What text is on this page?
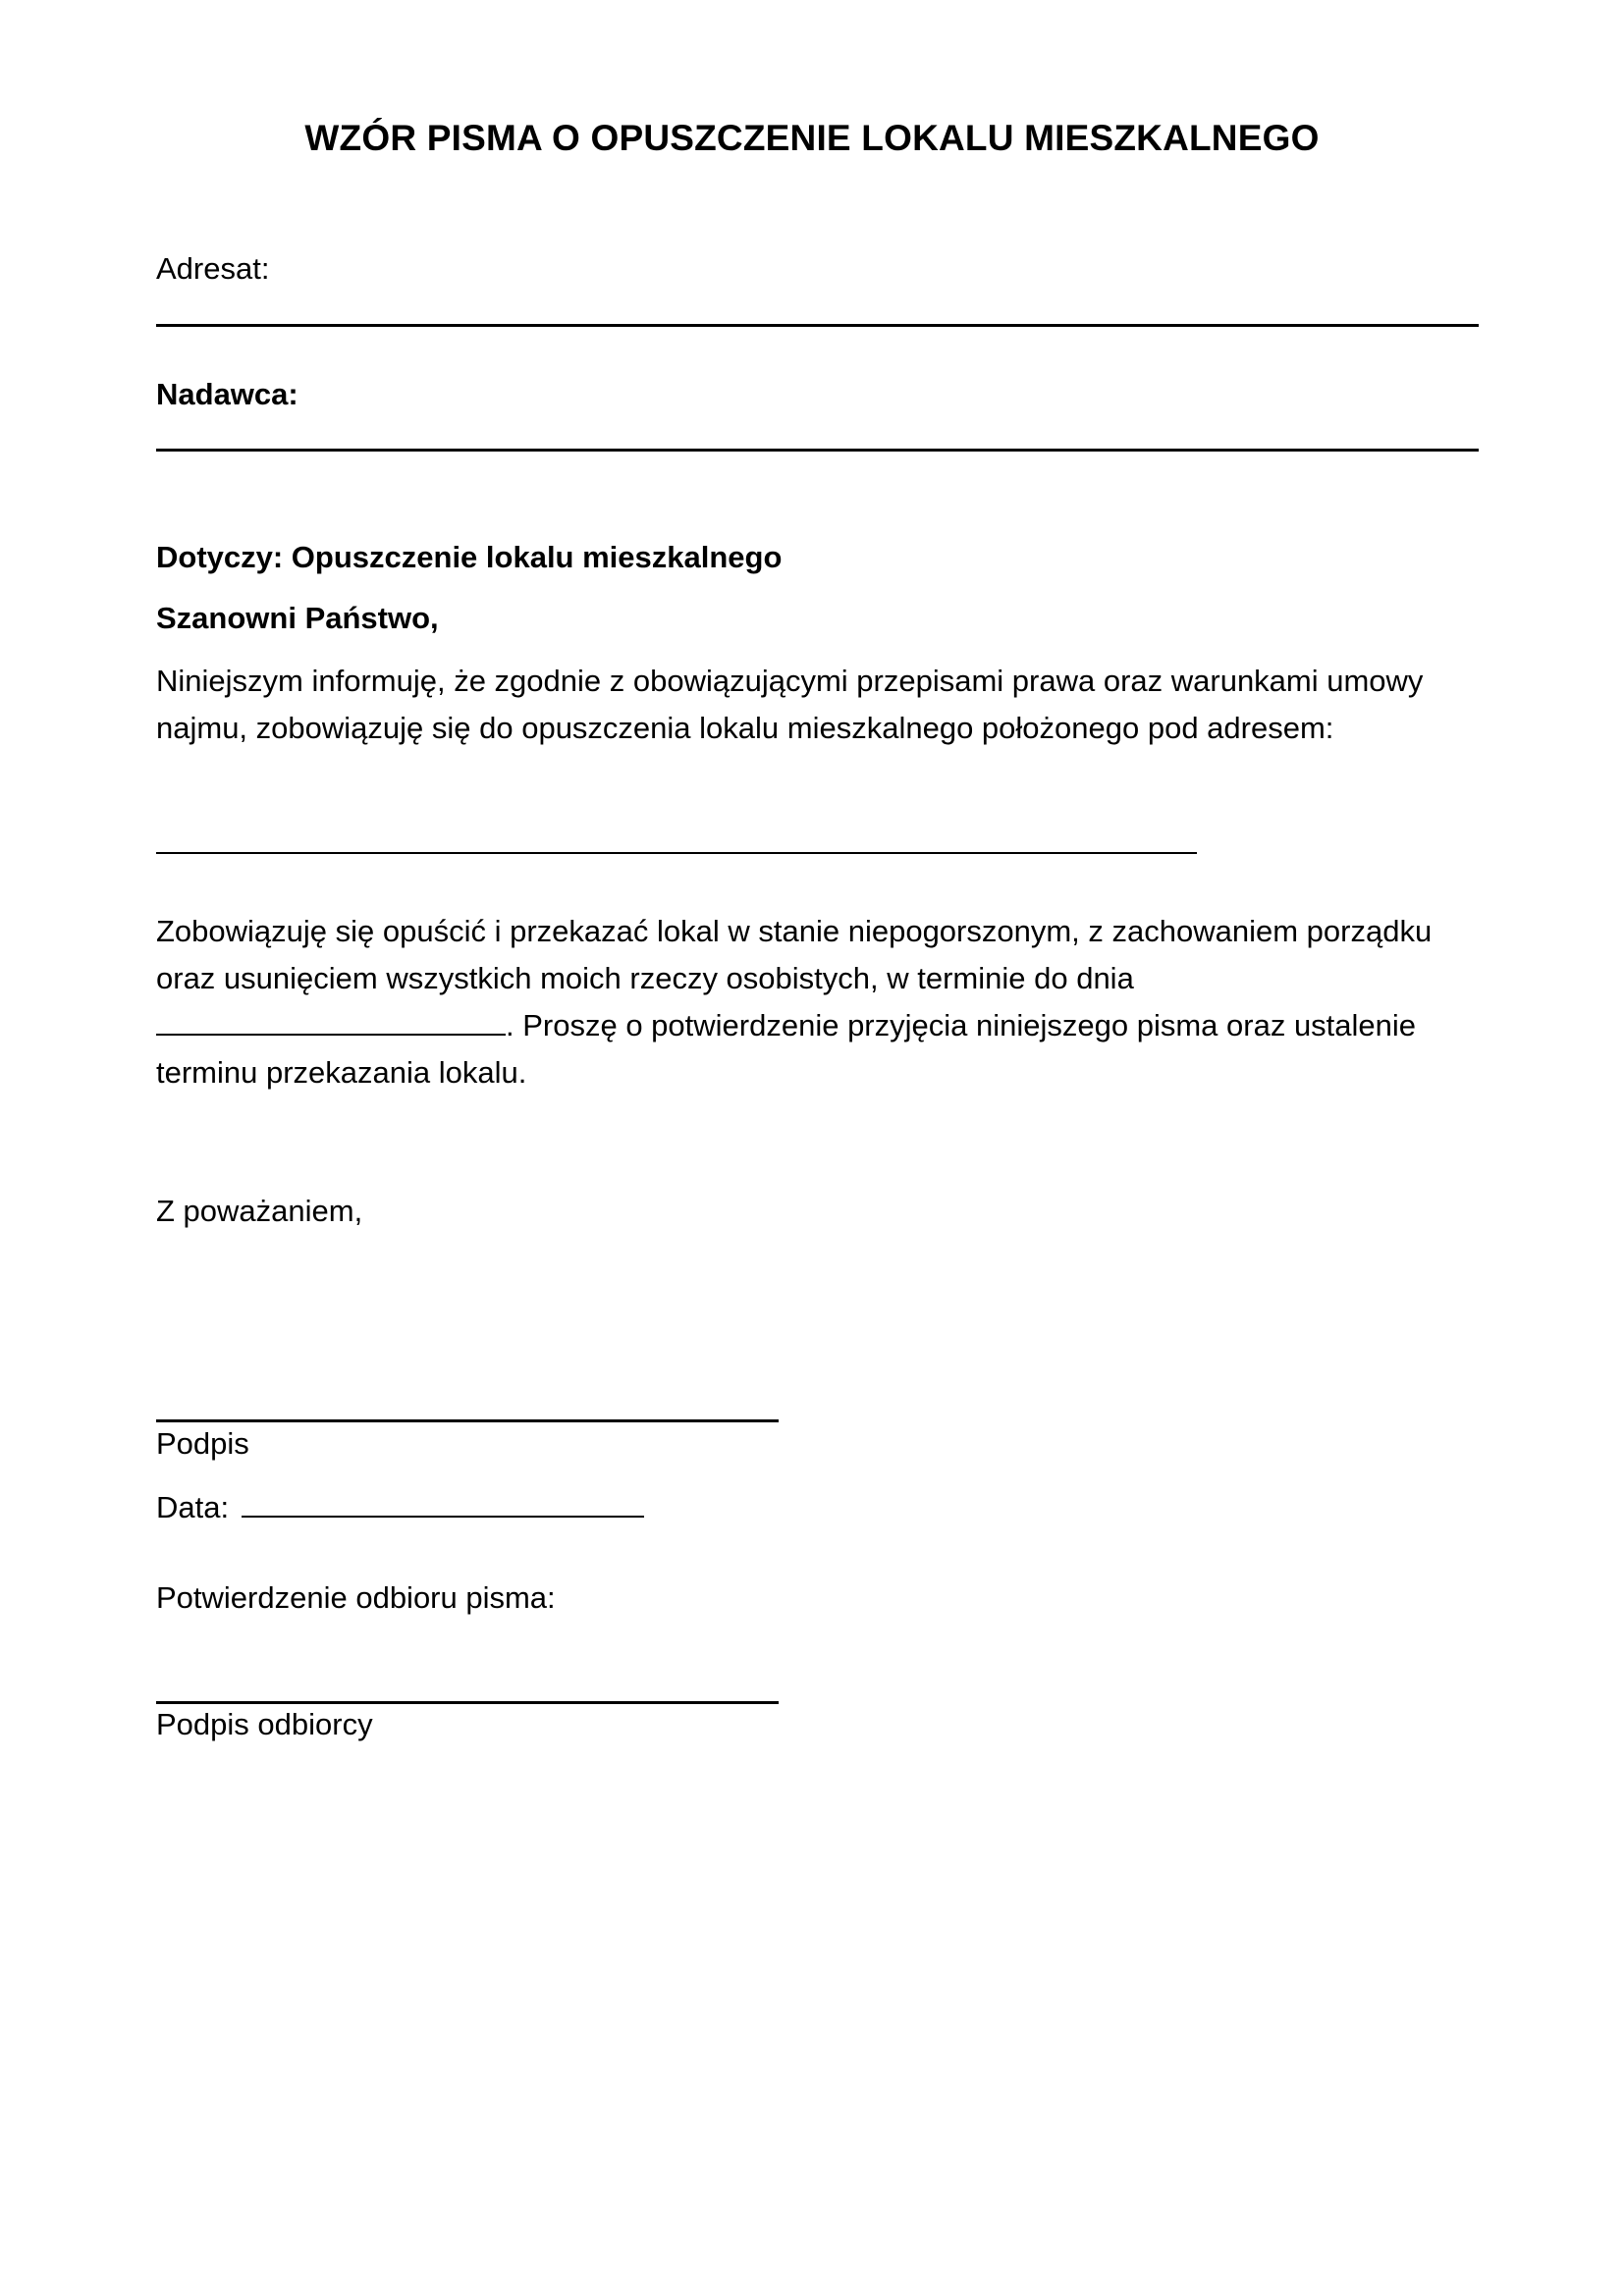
WZÓR PISMA O OPUSZCZENIE LOKALU MIESZKALNEGO
Adresat:
Nadawca:
Dotyczy: Opuszczenie lokalu mieszkalnego
Szanowni Państwo,
Niniejszym informuję, że zgodnie z obowiązującymi przepisami prawa oraz warunkami umowy
najmu, zobowiązuję się do opuszczenia lokalu mieszkalnego położonego pod adresem:
Zobowiązuję się opuścić i przekazać lokal w stanie niepogorszonym, z zachowaniem porządku
oraz usunięciem wszystkich moich rzeczy osobistych, w terminie do dnia
. Proszę o potwierdzenie przyjęcia niniejszego pisma oraz ustalenie
terminu przekazania lokalu.
Z poważaniem,
Podpis
Data:
Potwierdzenie odbioru pisma:
Podpis odbiorcy
